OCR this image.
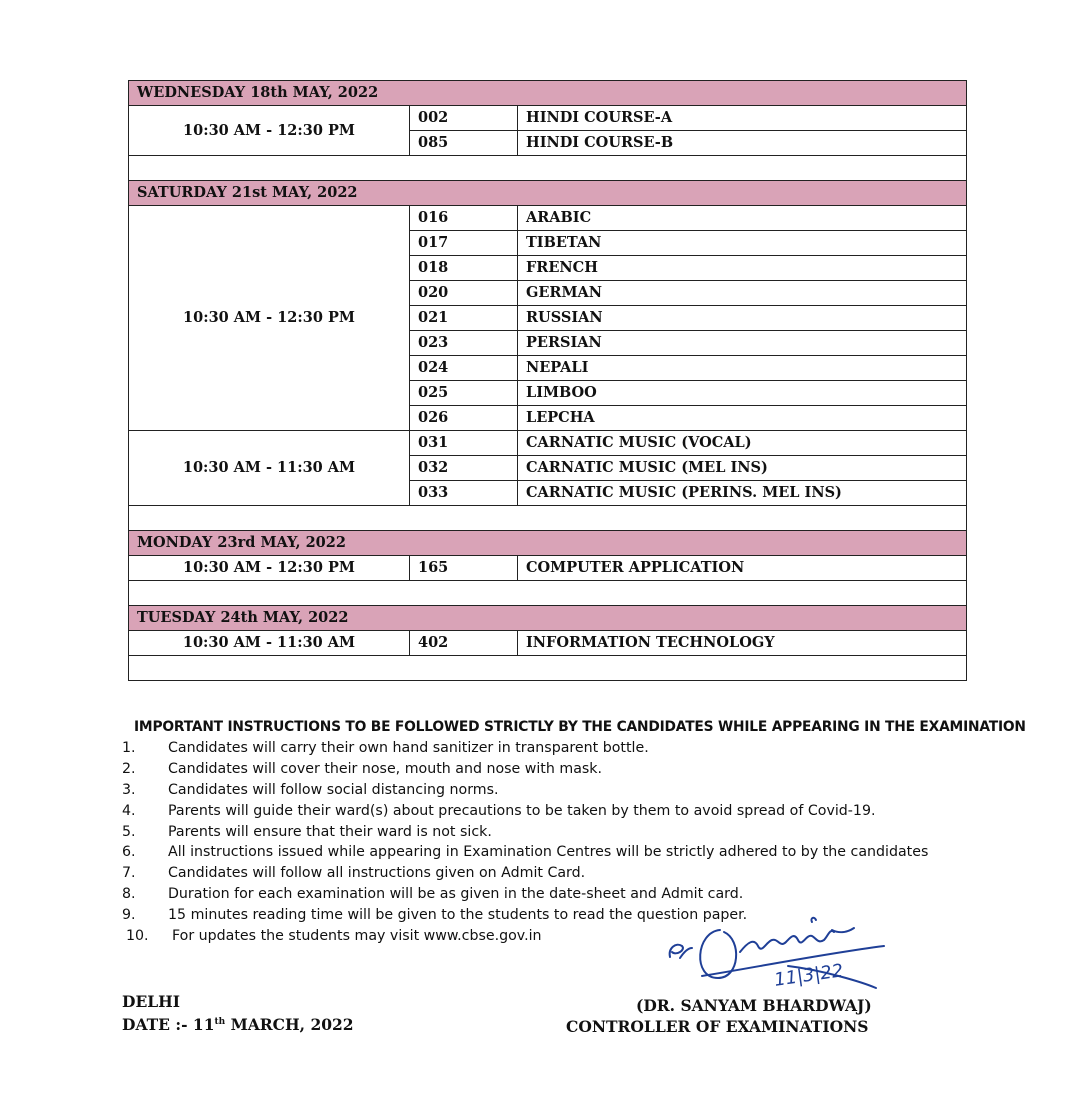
WEDNESDAY 18th MAY, 2022		
10:30 AM - 12:30 PM	002	HINDI COURSE-A
	085	HINDI COURSE-B

SATURDAY 21st MAY, 2022		
10:30 AM - 12:30 PM	016	ARABIC
	017	TIBETAN
	018	FRENCH
	020	GERMAN
	021	RUSSIAN
	023	PERSIAN
	024	NEPALI
	025	LIMBOO
	026	LEPCHA
10:30 AM - 11:30 AM	031	CARNATIC MUSIC (VOCAL)
	032	CARNATIC MUSIC (MEL INS)
	033	CARNATIC MUSIC (PERINS. MEL INS)

MONDAY 23rd MAY, 2022		
10:30 AM - 12:30 PM	165	COMPUTER APPLICATION

TUESDAY 24th MAY, 2022		
10:30 AM - 11:30 AM	402	INFORMATION TECHNOLOGY

IMPORTANT INSTRUCTIONS TO BE FOLLOWED STRICTLY BY THE CANDIDATES WHILE APPEARING IN THE EXAMINATION
1.	Candidates will carry their own hand sanitizer in transparent bottle.
2.	Candidates will cover their nose, mouth and nose with mask.
3.	Candidates will follow social distancing norms.
4.	Parents will guide their ward(s) about precautions to be taken by them to avoid spread of Covid-19.
5.	Parents will ensure that their ward is not sick.
6.	All instructions issued while appearing in Examination Centres will be strictly adhered to by the candidates
7.	Candidates will follow all instructions given on Admit Card.
8.	Duration for each examination will be as given in the date-sheet and Admit card.
9.	15 minutes reading time will be given to the students to read the question paper.
10. For updates the students may visit www.cbse.gov.in
DELHI
DATE :- 11th MARCH, 2022
11|3|22
(DR. SANYAM BHARDWAJ)
CONTROLLER OF EXAMINATIONS
